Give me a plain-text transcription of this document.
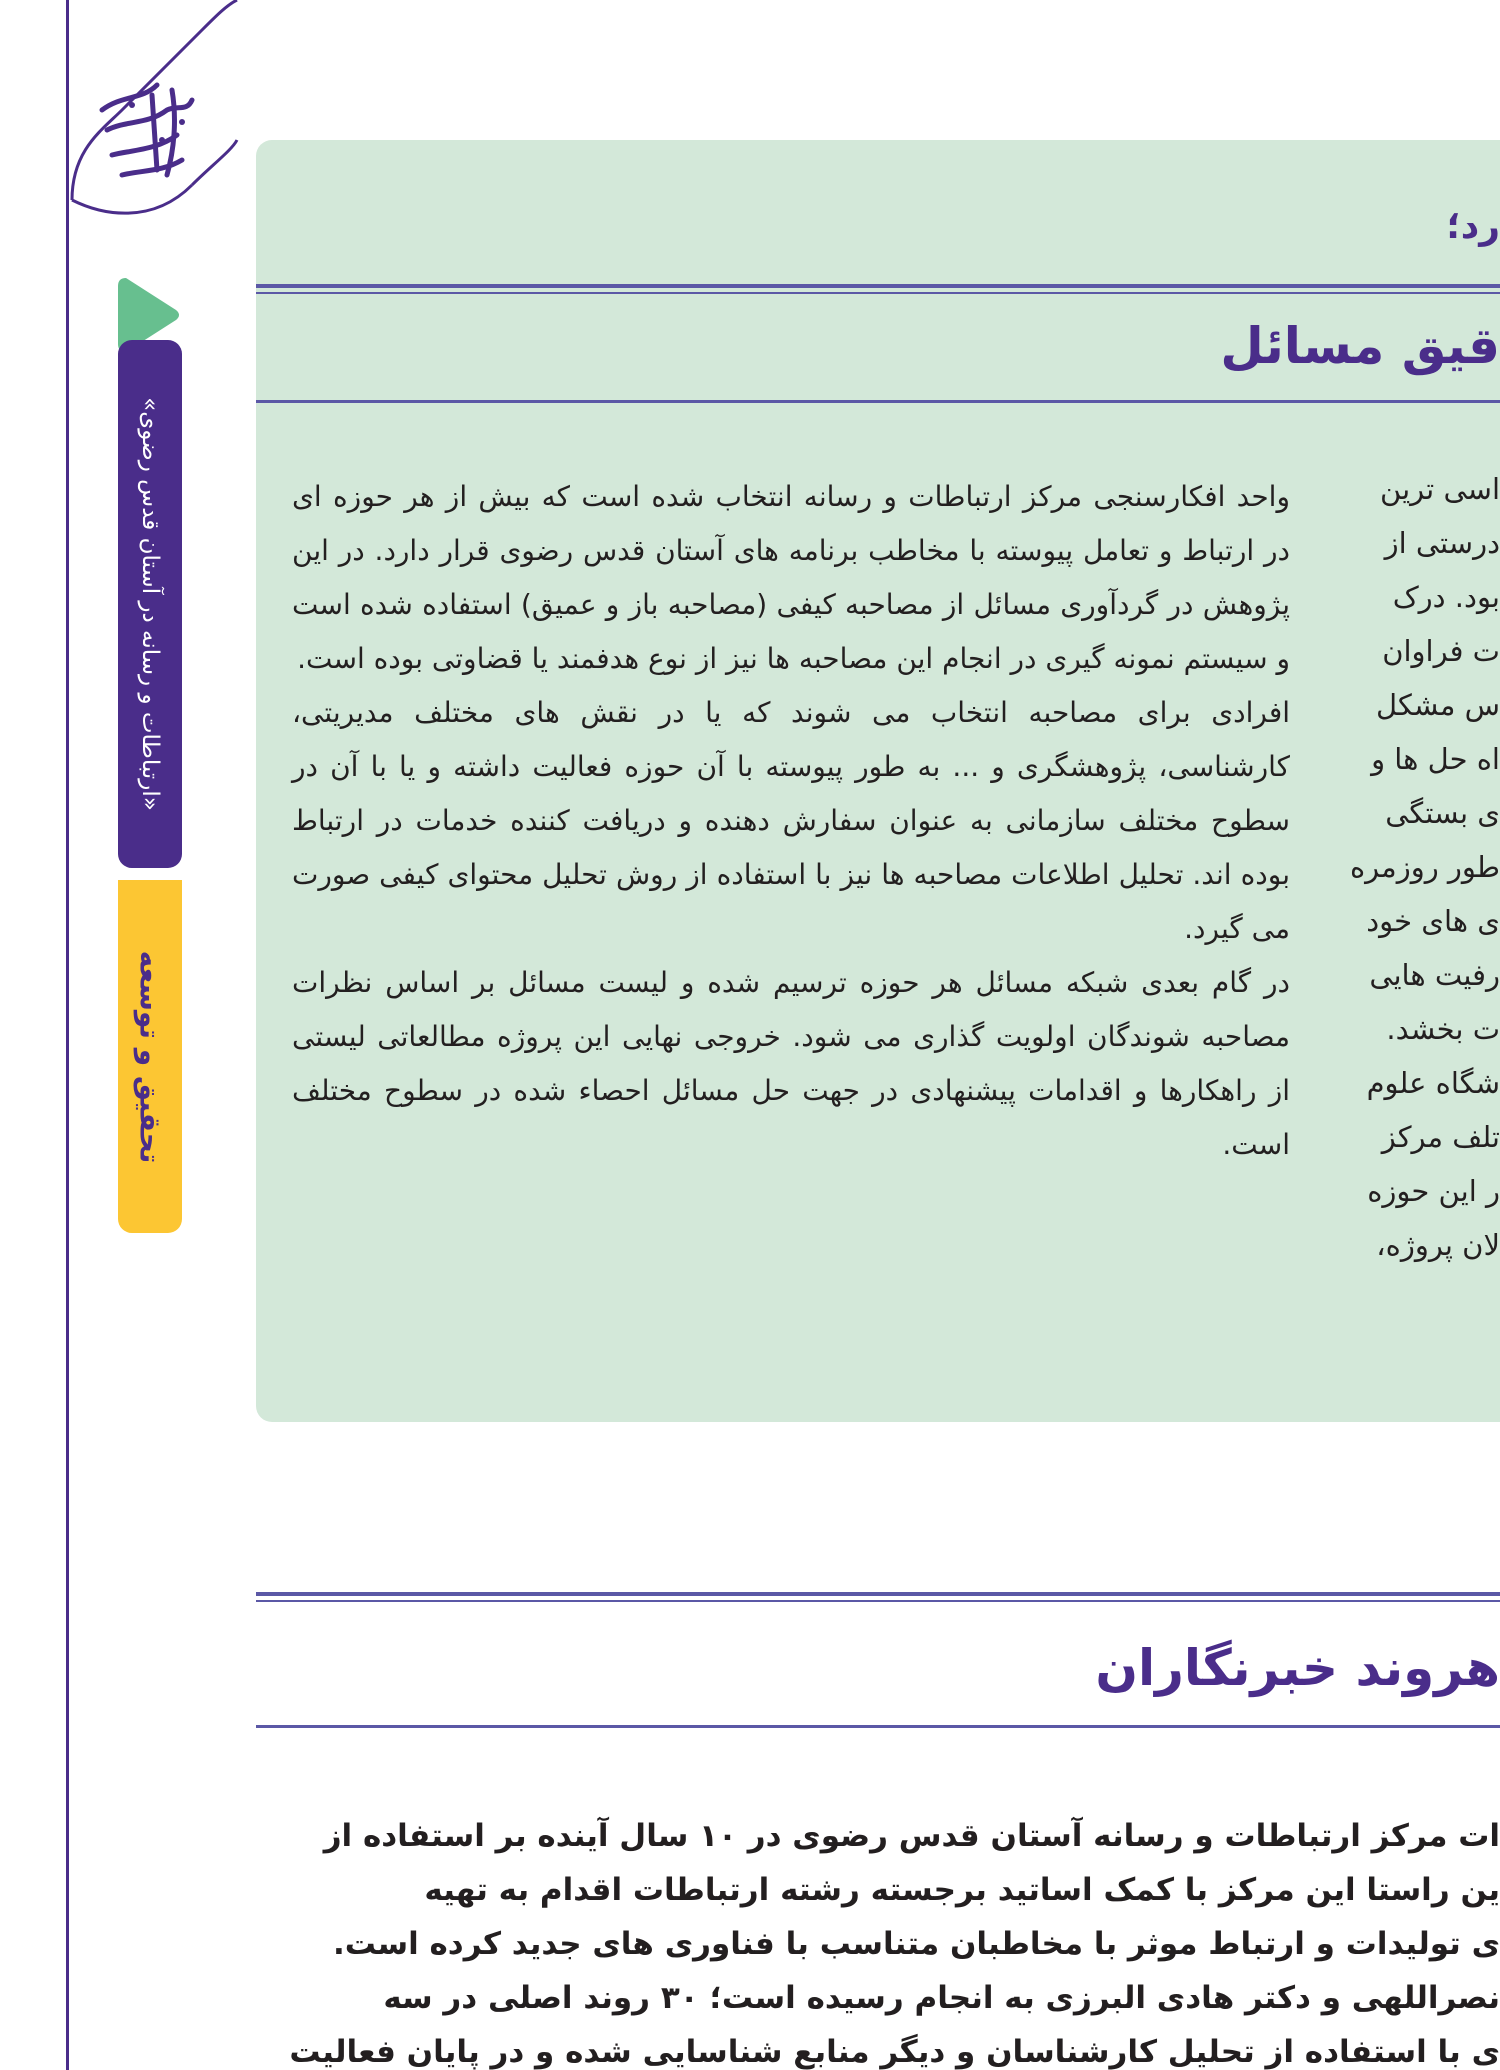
«ارتباطات و رسانه در آستان قدس رضوی»
تحقیق و توسعه
رد؛
قیق مسائل
اسی ترین
درستی از
بود. درک
ت فراوان
س مشکل
اه حل ها و
ی بستگی
طور روزمره
ی های خود
رفیت هایی
ت بخشد.
شگاه علوم
تلف مرکز
ر این حوزه
لان پروژه،

واحد افکارسنجی مرکز ارتباطات و رسانه انتخاب شده است که بیش از هر حوزه ای در ارتباط و تعامل پیوسته با مخاطب برنامه های آستان قدس رضوی قرار دارد. در این پژوهش در گردآوری مسائل از مصاحبه کیفی (مصاحبه باز و عمیق) استفاده شده است و سیستم نمونه گیری در انجام این مصاحبه ها نیز از نوع هدفمند یا قضاوتی بوده است.

افرادی برای مصاحبه انتخاب می شوند که یا در نقش های مختلف مدیریتی، کارشناسی، پژوهشگری و ... به طور پیوسته با آن حوزه فعالیت داشته و یا با آن در سطوح مختلف سازمانی به عنوان سفارش دهنده و دریافت کننده خدمات در ارتباط بوده اند. تحلیل اطلاعات مصاحبه ها نیز با استفاده از روش تحلیل محتوای کیفی صورت می گیرد.

در گام بعدی شبکه مسائل هر حوزه ترسیم شده و لیست مسائل بر اساس نظرات مصاحبه شوندگان اولویت گذاری می شود. خروجی نهایی این پروژه مطالعاتی لیستی از راهکارها و اقدامات پیشنهادی در جهت حل مسائل احصاء شده در سطوح مختلف است.

هروند خبرنگاران
ات مرکز ارتباطات و رسانه آستان قدس رضوی در ۱۰ سال آینده بر استفاده از
ین راستا این مرکز با کمک اساتید برجسته رشته ارتباطات اقدام به تهیه
ی تولیدات و ارتباط موثر با مخاطبان متناسب با فناوری های جدید کرده است.
نصراللهی و دکتر هادی البرزی به انجام رسیده است؛ ۳۰ روند اصلی در سه
ی با استفاده از تحلیل کارشناسان و دیگر منابع شناسایی شده و در پایان فعالیت
